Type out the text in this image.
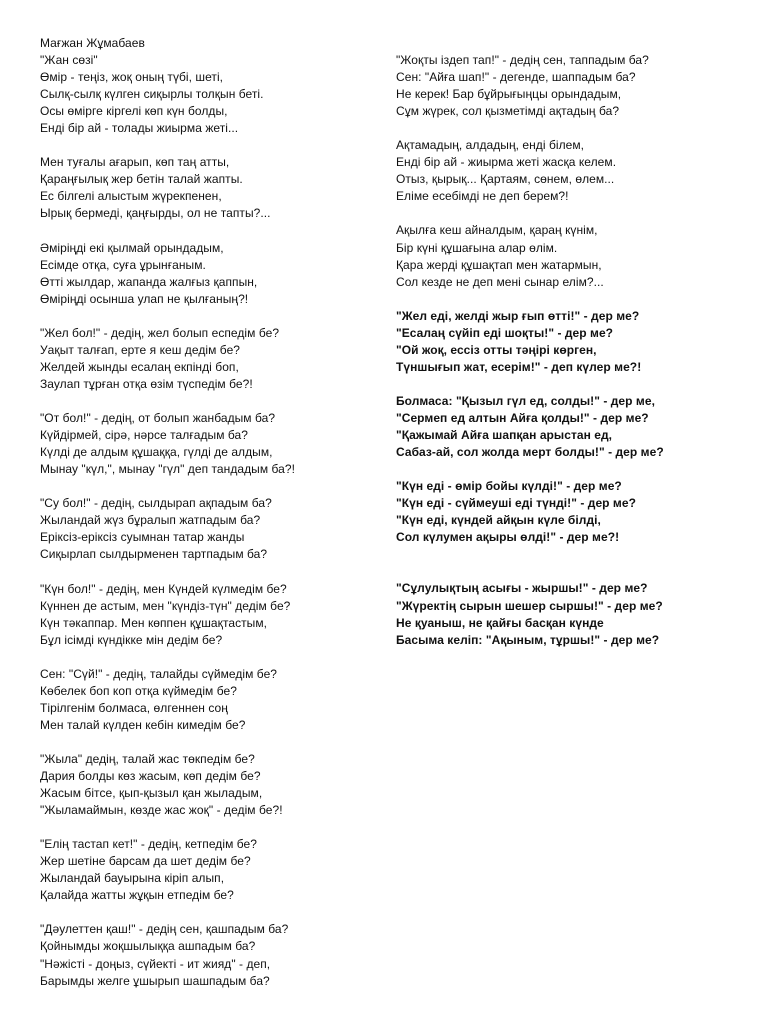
Мағжан Жұмабаев
"Жан сөзі"
Өмір - теңіз, жоқ оның түбі, шеті,
Сылқ-сылқ күлген сиқырлы толқын беті.
Осы өмірге кіргелі көп күн болды,
Енді бір ай - толады жиырма жеті...
Мен туғалы ағарып, көп таң атты,
Қараңғылық жер бетін талай жапты.
Ес білгелі алыстым жүрекпенен,
Ырық бермеді, қаңғырды, ол не тапты?...
Әміріңді екі қылмай орындадым,
Есімде отқа, суға ұрынғаным.
Өтті жылдар, жапанда жалғыз қаппын,
Өміріңді осынша улап не қылғаның?!
"Жел бол!" - дедің, жел болып еспедім бе?
Уақыт талғап, ерте я кеш дедім бе?
Желдей жынды есалаң екпінді боп,
Заулап тұрған отқа өзім түспедім бе?!
"От бол!" - дедің, от болып жанбадым ба?
Күйдірмей, сірә, нәрсе талғадым ба?
Күлді де алдым құшаққа, гүлді де алдым,
Мынау "күл,", мынау "гүл" деп тандадым ба?!
"Су бол!" - дедің, сылдырап ақпадым ба?
Жыландай жүз бұралып жатпадым ба?
Еріксіз-еріксіз суымнан татар жанды
Сиқырлап сылдырменен тартпадым ба?
"Күн бол!" - дедің, мен Күндей күлмедім бе?
Күннен де астым, мен "күндіз-түн" дедім бе?
Күн тәкаппар. Мен көппен құшақтастым,
Бұл ісімді күндікке мін дедім бе?
Сен: "Сүй!" - дедің, талайды сүймедім бе?
Көбелек боп коп отқа күймедім бе?
Тірілгенім болмаса, өлгеннен соң
Мен талай күлден кебін кимедім бе?
"Жыла" дедің, талай жас төкпедім бе?
Дария болды көз жасым, көп дедім бе?
Жасым бітсе, қып-қызыл қан жыладым,
"Жыламаймын, көзде жас жоқ" - дедім бе?!
"Елің тастап кет!" - дедің, кетпедім бе?
Жер шетіне барсам да шет дедім бе?
Жыландай бауырына кіріп алып,
Қалайда жатты жұқын етпедім бе?
"Дәулеттен қаш!" - дедің сен, қашпадым ба?
Қойнымды жоқшылыққа ашпадым ба?
"Нәжісті - доңыз, сүйекті - ит жияд" - деп,
Барымды желге ұшырып шашпадым ба?
"Жоқты іздеп тап!" - дедің сен, таппадым ба?
Сен: "Айға шап!" - дегенде, шаппадым ба?
Не керек! Бар бұйрығыңцы орындадым,
Сұм жүрек, сол қызметімді ақтадың ба?
Ақтамадың, алдадың, енді білем,
Енді бір ай - жиырма жеті жасқа келем.
Отыз, қырық... Қартаям, сөнем, өлем...
Еліме есебімді не деп берем?!
Ақылға кеш айналдым, қараң күнім,
Бір күні құшағына алар өлім.
Қара жерді құшақтап мен жатармын,
Сол кезде не деп мені сынар елім?...
"Жел еді, желді жыр ғып өтті!" - дер ме?
"Есалаң сүйіп еді шоқты!" - дер ме?
"Ой жоқ, ессіз отты тәңірі көрген,
Түншығып жат, есерім!" - деп күлер ме?!
Болмаса: "Қызыл гүл ед, солды!" - дер ме,
"Сермеп ед алтын Айға қолды!" - дер ме?
"Қажымай Айға шапқан арыстан ед,
Сабаз-ай, сол жолда мерт болды!" - дер ме?
"Күн еді - өмір бойы күлді!" - дер ме?
"Күн еді - сүймеуші еді түнді!" - дер ме?
"Күн еді, күндей айқын күле білді,
Сол күлумен ақыры өлді!" - дер ме?!
"Сұлулықтың асығы - жыршы!" - дер ме?
"Жүректің сырын шешер сыршы!" - дер ме?
Не қуаныш, не қайғы басқан күнде
Басыма келіп: "Ақыным, тұршы!" - дер ме?
